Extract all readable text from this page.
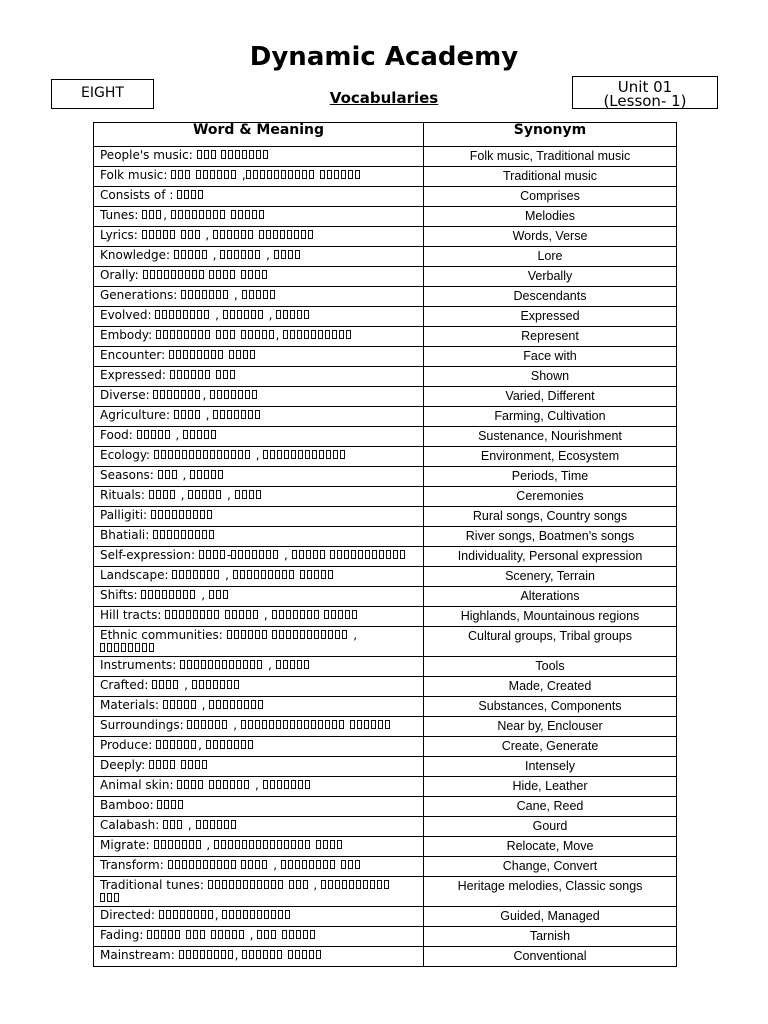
Dynamic Academy
EIGHT	Vocabularies
Unit 01
(Lesson- 1)
Word & Meaning	Synonym
People's music:	Folk music, Traditional music
Folk music: ,	Traditional music
Consists of :	Comprises
Tunes: ,	Melodies
Lyrics: ,	Words, Verse
Knowledge: , ,	Lore
Orally:	Verbally
Generations: ,	Descendants
Evolved: , ,	Expressed
Embody: ,	Represent
Encounter:	Face with
Expressed:	Shown
Diverse: ,	Varied, Different
Agriculture:  ,	Farming, Cultivation
Food: ,	Sustenance, Nourishment
Ecology: ,	Environment, Ecosystem
Seasons:  ,	Periods, Time
Rituals:  , ,	Ceremonies
Palligiti:	Rural songs, Country songs
Bhatiali:	River songs, Boatmen's songs
Self-expression: - ,	Individuality, Personal expression
Landscape: ,	Scenery, Terrain
Shifts: ,	Alterations
Hill tracts: ,	Highlands, Mountainous regions
Ethnic communities: ,	Cultural groups, Tribal groups
Instruments: ,	Tools
Crafted:  ,	Made, Created
Materials: ,	Substances, Components
Surroundings: ,	Near by, Enclouser
Produce: ,	Create, Generate
Deeply:	Intensely
Animal skin: ,	Hide, Leather
Bamboo:	Cane, Reed
Calabash:  ,	Gourd
Migrate: ,	Relocate, Move
Transform: ,	Change, Convert
Traditional tunes: ,	Heritage melodies, Classic songs
Directed: ,	Guided, Managed
Fading: ,	Tarnish
Mainstream: ,	Conventional
